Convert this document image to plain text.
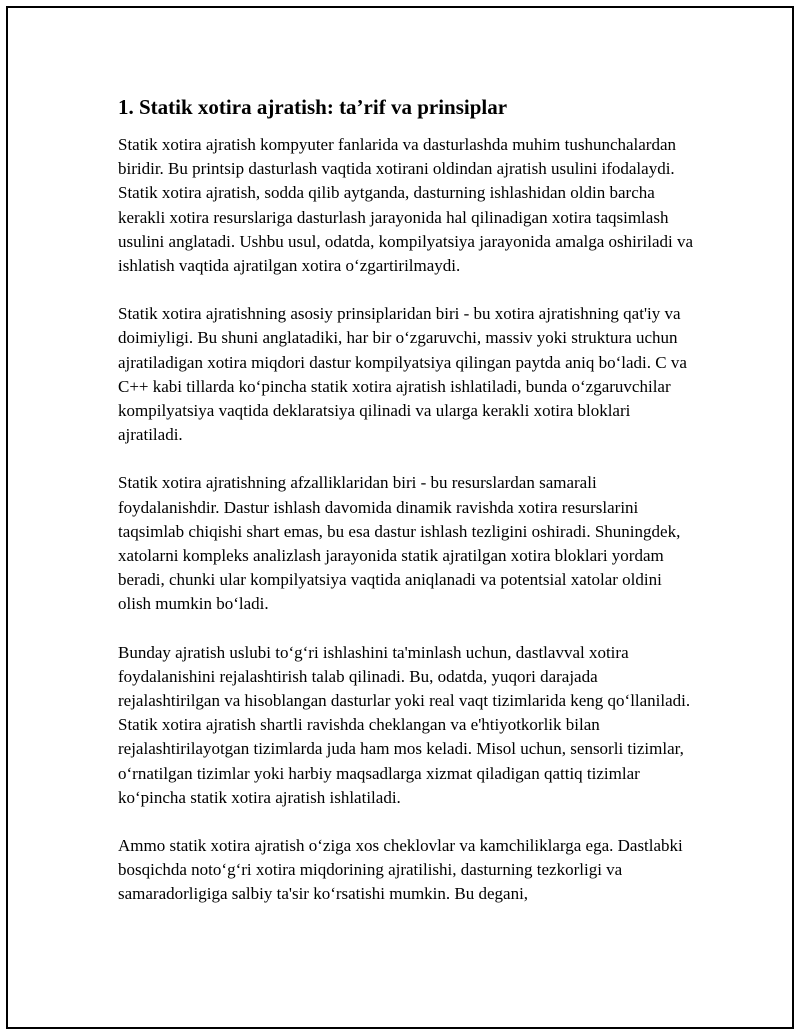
1. Statik xotira ajratish: ta’rif va prinsiplar

Statik xotira ajratish kompyuter fanlarida va dasturlashda muhim tushunchalardan biridir. Bu printsip dasturlash vaqtida xotirani oldindan ajratish usulini ifodalaydi. Statik xotira ajratish, sodda qilib aytganda, dasturning ishlashidan oldin barcha kerakli xotira resurslariga dasturlash jarayonida hal qilinadigan xotira taqsimlash usulini anglatadi. Ushbu usul, odatda, kompilyatsiya jarayonida amalga oshiriladi va ishlatish vaqtida ajratilgan xotira o‘zgartirilmaydi.

Statik xotira ajratishning asosiy prinsiplaridan biri - bu xotira ajratishning qat'iy va doimiyligi. Bu shuni anglatadiki, har bir o‘zgaruvchi, massiv yoki struktura uchun ajratiladigan xotira miqdori dastur kompilyatsiya qilingan paytda aniq bo‘ladi. C va C++ kabi tillarda ko‘pincha statik xotira ajratish ishlatiladi, bunda o‘zgaruvchilar kompilyatsiya vaqtida deklaratsiya qilinadi va ularga kerakli xotira bloklari ajratiladi.

Statik xotira ajratishning afzalliklaridan biri - bu resurslardan samarali foydalanishdir. Dastur ishlash davomida dinamik ravishda xotira resurslarini taqsimlab chiqishi shart emas, bu esa dastur ishlash tezligini oshiradi. Shuningdek, xatolarni kompleks analizlash jarayonida statik ajratilgan xotira bloklari yordam beradi, chunki ular kompilyatsiya vaqtida aniqlanadi va potentsial xatolar oldini olish mumkin bo‘ladi.

Bunday ajratish uslubi to‘g‘ri ishlashini ta'minlash uchun, dastlavval xotira foydalanishini rejalashtirish talab qilinadi. Bu, odatda, yuqori darajada rejalashtirilgan va hisoblangan dasturlar yoki real vaqt tizimlarida keng qo‘llaniladi. Statik xotira ajratish shartli ravishda cheklangan va e'htiyotkorlik bilan rejalashtirilayotgan tizimlarda juda ham mos keladi. Misol uchun, sensorli tizimlar, o‘rnatilgan tizimlar yoki harbiy maqsadlarga xizmat qiladigan qattiq tizimlar ko‘pincha statik xotira ajratish ishlatiladi.

Ammo statik xotira ajratish o‘ziga xos cheklovlar va kamchiliklarga ega. Dastlabki bosqichda noto‘g‘ri xotira miqdorining ajratilishi, dasturning tezkorligi va samaradorligiga salbiy ta'sir ko‘rsatishi mumkin. Bu degani,
